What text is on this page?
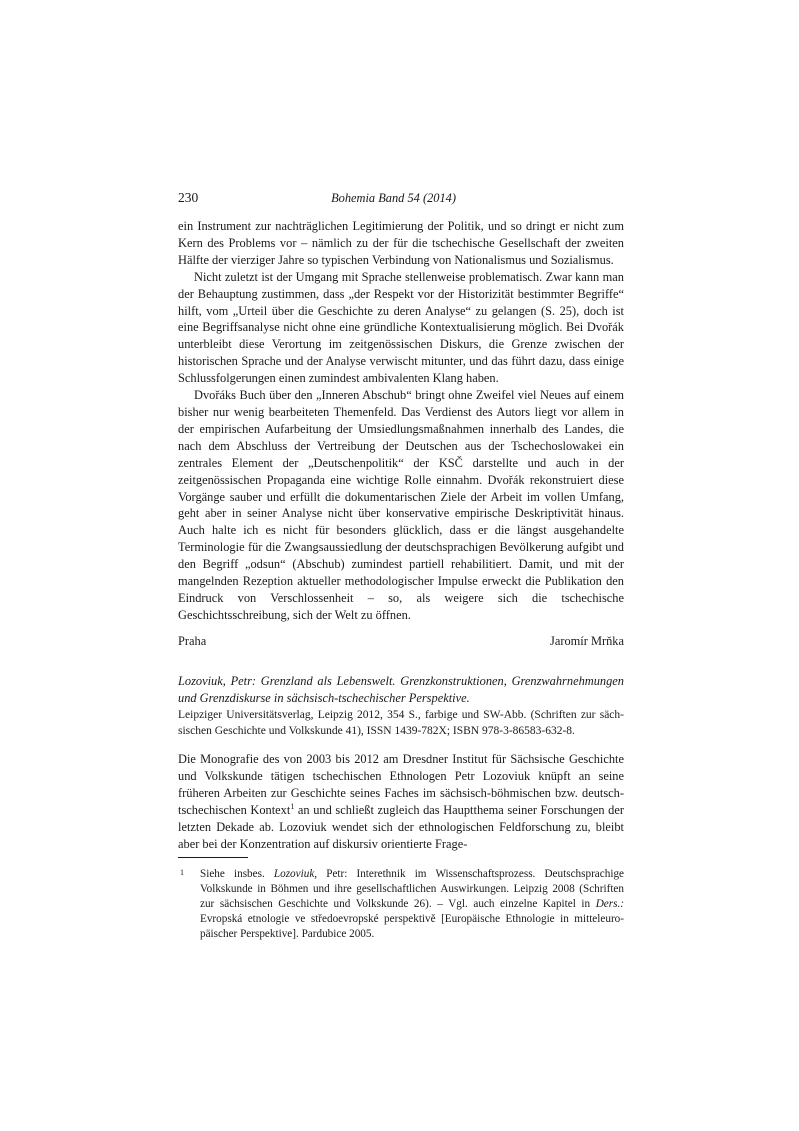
230	Bohemia Band 54 (2014)

ein Instrument zur nachträglichen Legitimierung der Politik, und so dringt er nicht zum Kern des Problems vor – nämlich zu der für die tschechische Gesellschaft der zweiten Hälfte der vierziger Jahre so typischen Verbindung von Nationalismus und Sozialismus.

Nicht zuletzt ist der Umgang mit Sprache stellenweise problematisch. Zwar kann man der Behauptung zustimmen, dass „der Respekt vor der Historizität bestimmter Begriffe“ hilft, vom „Urteil über die Geschichte zu deren Analyse“ zu gelangen (S. 25), doch ist eine Begriffsanalyse nicht ohne eine gründliche Kontextualisierung möglich. Bei Dvořák unterbleibt diese Verortung im zeitgenössischen Diskurs, die Grenze zwischen der historischen Sprache und der Analyse verwischt mitunter, und das führt dazu, dass einige Schlussfolgerungen einen zumindest ambivalenten Klang haben.

Dvořáks Buch über den „Inneren Abschub“ bringt ohne Zweifel viel Neues auf einem bisher nur wenig bearbeiteten Themenfeld. Das Verdienst des Autors liegt vor allem in der empirischen Aufarbeitung der Umsiedlungsmaßnahmen innerhalb des Landes, die nach dem Abschluss der Vertreibung der Deutschen aus der Tschechoslowakei ein zentrales Element der „Deutschenpolitik“ der KSČ darstellte und auch in der zeitgenössischen Propaganda eine wichtige Rolle einnahm. Dvořák rekonstruiert diese Vorgänge sauber und erfüllt die dokumentarischen Ziele der Arbeit im vollen Umfang, geht aber in seiner Analyse nicht über konservative empirische Deskriptivität hinaus. Auch halte ich es nicht für besonders glücklich, dass er die längst ausgehandelte Terminologie für die Zwangsaussiedlung der deutschsprachigen Bevölkerung aufgibt und den Begriff „odsun“ (Abschub) zumindest partiell rehabilitiert. Damit, und mit der mangelnden Rezeption aktueller methodologischer Impulse erweckt die Publikation den Eindruck von Verschlossenheit – so, als weigere sich die tschechische Geschichtsschreibung, sich der Welt zu öffnen.

Praha	Jaromír Mrňka
Lozoviuk, Petr: Grenzland als Lebenswelt. Grenzkonstruktionen, Grenzwahrnehmungen und Grenzdiskurse in sächsisch-tschechischer Perspektive.
Leipziger Universitätsverlag, Leipzig 2012, 354 S., farbige und SW-Abb. (Schriften zur sächsischen Geschichte und Volkskunde 41), ISSN 1439-782X; ISBN 978-3-86583-632-8.

Die Monografie des von 2003 bis 2012 am Dresdner Institut für Sächsische Geschichte und Volkskunde tätigen tschechischen Ethnologen Petr Lozoviuk knüpft an seine früheren Arbeiten zur Geschichte seines Faches im sächsisch-böhmischen bzw. deutsch-tschechischen Kontext$^1$ an und schließt zugleich das Hauptthema seiner Forschungen der letzten Dekade ab. Lozoviuk wendet sich der ethnologischen Feldforschung zu, bleibt aber bei der Konzentration auf diskursiv orientierte Frage-

1	Siehe insbes. Lozoviuk, Petr: Interethnik im Wissenschaftsprozess. Deutschsprachige Volkskunde in Böhmen und ihre gesellschaftlichen Auswirkungen. Leipzig 2008 (Schriften zur sächsischen Geschichte und Volkskunde 26). – Vgl. auch einzelne Kapitel in Ders.: Evropská etnologie ve středoevropské perspektivě [Europäische Ethnologie in mitteleuropäischer Perspektive]. Pardubice 2005.
